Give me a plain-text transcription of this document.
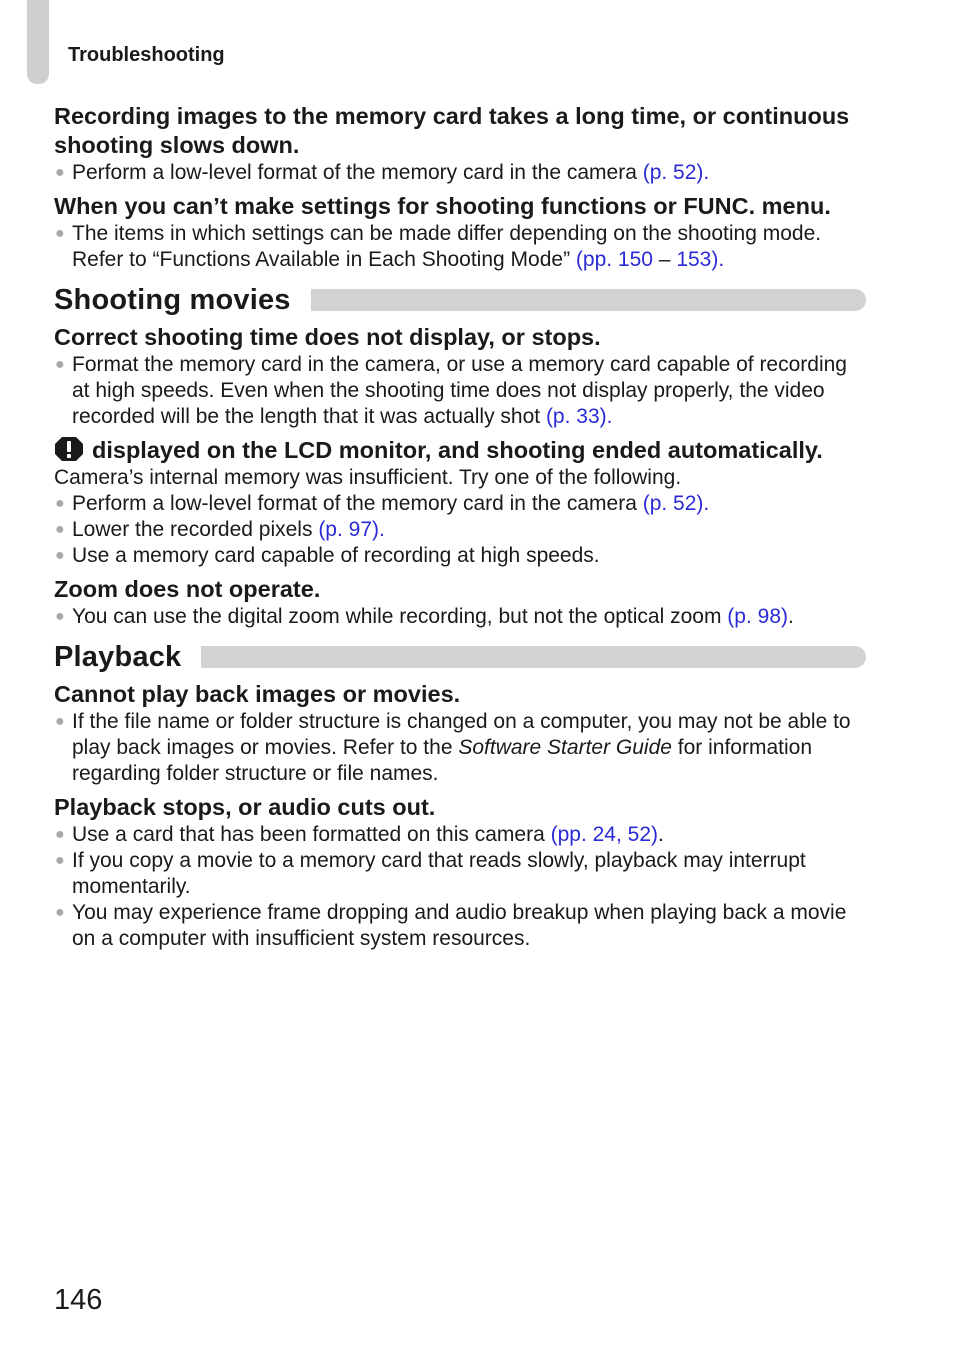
Troubleshooting

Recording images to the memory card takes a long time, or continuous shooting slows down.

● Perform a low-level format of the memory card in the camera (p. 52).

When you can’t make settings for shooting functions or FUNC. menu.

● The items in which settings can be made differ depending on the shooting mode. Refer to “Functions Available in Each Shooting Mode” (pp. 150 – 153).
Shooting movies

Correct shooting time does not display, or stops.

● Format the memory card in the camera, or use a memory card capable of recording at high speeds. Even when the shooting time does not display properly, the video recorded will be the length that it was actually shot (p. 33).

displayed on the LCD monitor, and shooting ended automatically.

Camera’s internal memory was insufficient. Try one of the following.

● Perform a low-level format of the memory card in the camera (p. 52).
● Lower the recorded pixels (p. 97).
● Use a memory card capable of recording at high speeds.

Zoom does not operate.

● You can use the digital zoom while recording, but not the optical zoom (p. 98).
Playback

Cannot play back images or movies.

● If the file name or folder structure is changed on a computer, you may not be able to play back images or movies. Refer to the Software Starter Guide for information regarding folder structure or file names.

Playback stops, or audio cuts out.

● Use a card that has been formatted on this camera (pp. 24, 52).
● If you copy a movie to a memory card that reads slowly, playback may interrupt momentarily.
● You may experience frame dropping and audio breakup when playing back a movie on a computer with insufficient system resources.
146
